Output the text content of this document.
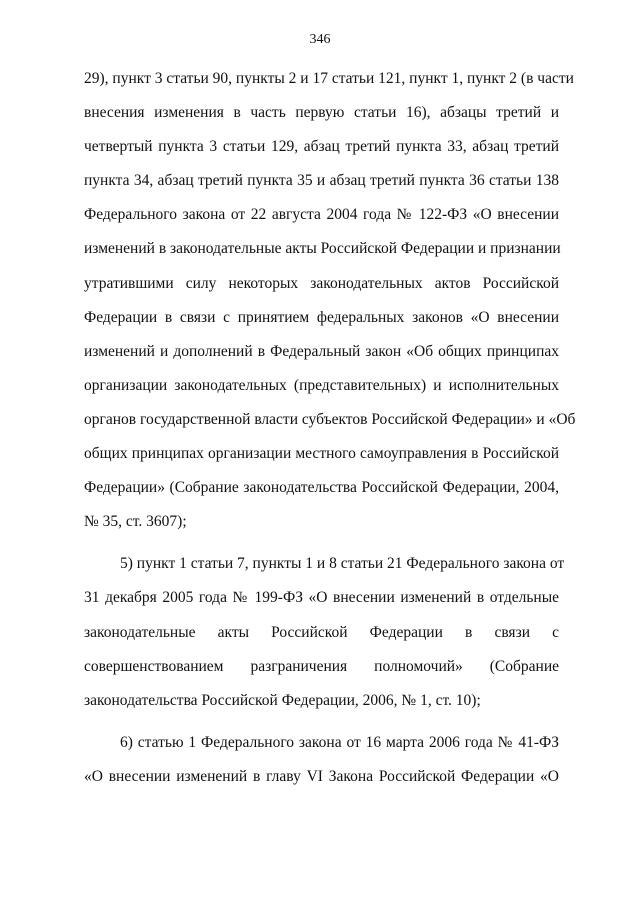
346
29), пункт 3 статьи 90, пункты 2 и 17 статьи 121, пункт 1, пункт 2 (в части
внесения изменения в часть первую статьи 16), абзацы третий и
четвертый пункта 3 статьи 129, абзац третий пункта 33, абзац третий
пункта 34, абзац третий пункта 35 и абзац третий пункта 36 статьи 138
Федерального закона от 22 августа 2004 года № 122-ФЗ «О внесении
изменений в законодательные акты Российской Федерации и признании
утратившими силу некоторых законодательных актов Российской
Федерации в связи с принятием федеральных законов «О внесении
изменений и дополнений в Федеральный закон «Об общих принципах
организации законодательных (представительных) и исполнительных
органов государственной власти субъектов Российской Федерации» и «Об
общих принципах организации местного самоуправления в Российской
Федерации» (Собрание законодательства Российской Федерации, 2004,
№ 35, ст. 3607);
5) пункт 1 статьи 7, пункты 1 и 8 статьи 21 Федерального закона от
31 декабря 2005 года № 199-ФЗ «О внесении изменений в отдельные
законодательные акты Российской Федерации в связи с
совершенствованием разграничения полномочий» (Собрание
законодательства Российской Федерации, 2006, № 1, ст. 10);
6) статью 1 Федерального закона от 16 марта 2006 года № 41-ФЗ
«О внесении изменений в главу VI Закона Российской Федерации «О
